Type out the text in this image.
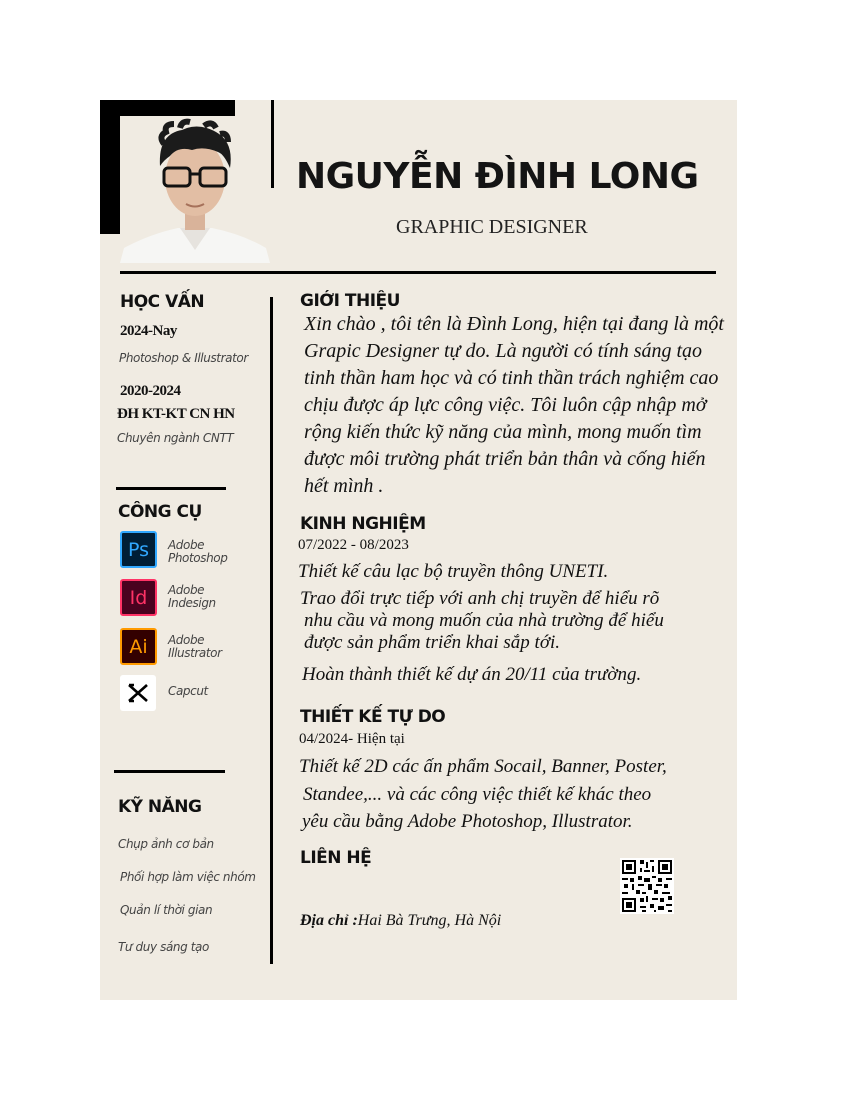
NGUYỄN ĐÌNH LONG
GRAPHIC DESIGNER
HỌC VẤN
2024-Nay
Photoshop & Illustrator
2020-2024
ĐH KT-KT CN HN
Chuyên ngành CNTT
CÔNG CỤ
Ps	Adobe
Photoshop
Id	Adobe
Indesign
Ai	Adobe
Illustrator
Capcut
KỸ NĂNG
Chụp ảnh cơ bản
Phối hợp làm việc nhóm
Quản lí thời gian
Tư duy sáng tạo
GIỚI THIỆU
Xin chào , tôi tên là Đình Long, hiện tại đang là một
Grapic Designer tự do. Là người có tính sáng tạo
tinh thần ham học và có tinh thần trách nghiệm cao
chịu được áp lực công việc. Tôi luôn cập nhập mở
rộng kiến thức kỹ năng của mình, mong muốn tìm
được môi trường phát triển bản thân và cống hiến
hết mình .
KINH NGHIỆM
07/2022 - 08/2023
Thiết kế câu lạc bộ truyền thông UNETI.
Trao đổi trực tiếp với anh chị truyền để hiểu rõ
nhu cầu và mong muốn của nhà trường để hiểu
được sản phẩm triển khai sắp tới.
Hoàn thành thiết kế dự án 20/11 của trường.
THIẾT KẾ TỰ DO
04/2024- Hiện tại
Thiết kế 2D các ấn phẩm Socail, Banner, Poster,
Standee,... và các công việc thiết kế khác theo
yêu cầu bằng Adobe Photoshop, Illustrator.
LIÊN HỆ
Địa chỉ :Hai Bà Trưng, Hà Nội
